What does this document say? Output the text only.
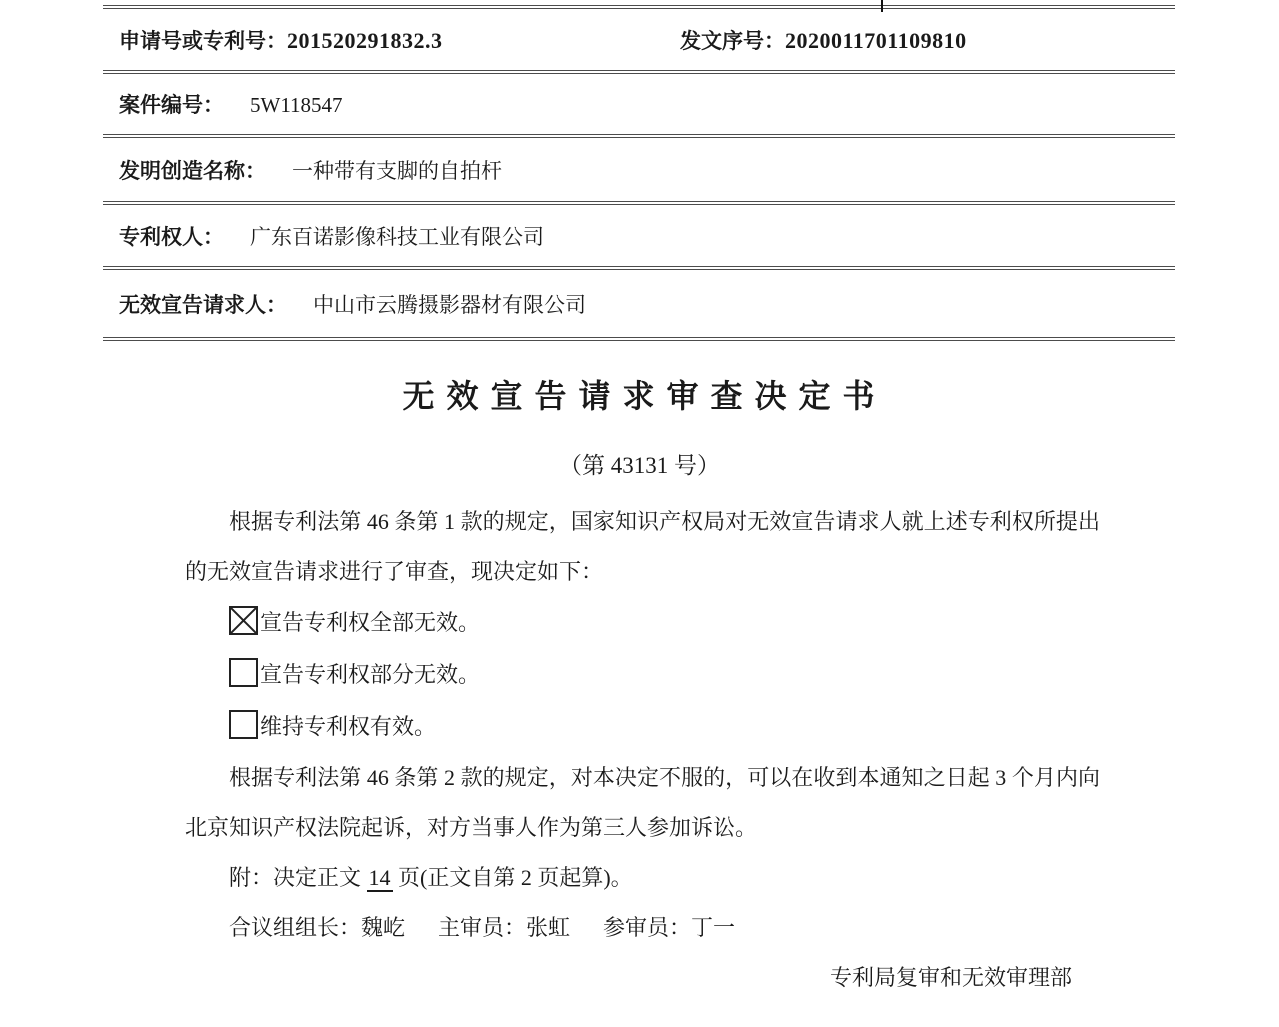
申请号或专利号： 201520291832.3	发文序号： 2020011701109810
案件编号： 5W118547
发明创造名称： 一种带有支脚的自拍杆
专利权人： 广东百诺影像科技工业有限公司
无效宣告请求人： 中山市云腾摄影器材有限公司
无 效 宣 告 请 求 审 查 决 定 书
（第 43131 号）

根据专利法第 46 条第 1 款的规定，国家知识产权局对无效宣告请求人就上述专利权所提出的无效宣告请求进行了审查，现决定如下：

宣告专利权全部无效。
宣告专利权部分无效。
维持专利权有效。

根据专利法第 46 条第 2 款的规定，对本决定不服的，可以在收到本通知之日起 3 个月内向北京知识产权法院起诉，对方当事人作为第三人参加诉讼。

附：决定正文 14 页(正文自第 2 页起算)。
合议组组长：魏屹 主审员：张虹 参审员：丁一
专利局复审和无效审理部
